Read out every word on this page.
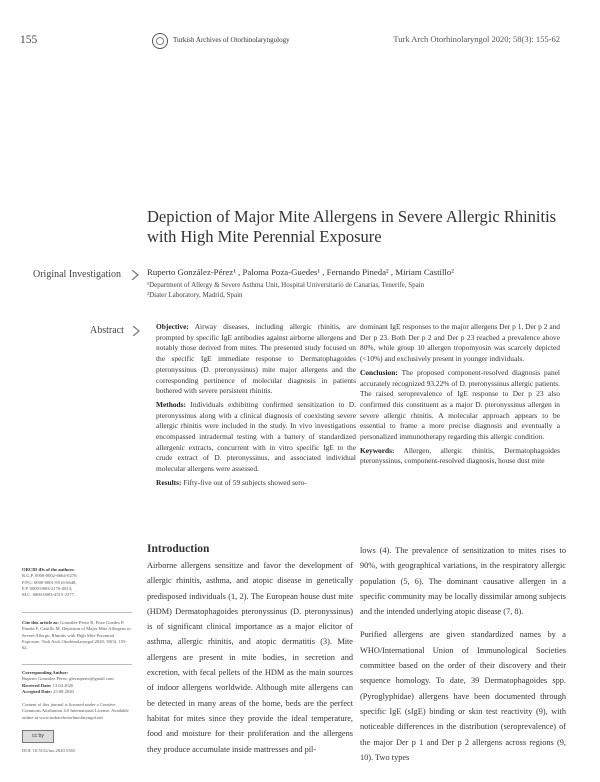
155	Turkish Archives of Otorhinolaryngology	Turk Arch Otorhinolaryngol 2020; 58(3): 155-62
Depiction of Major Mite Allergens in Severe Allergic Rhinitis with High Mite Perennial Exposure
Original Investigation	Ruperto González-Pérez¹ , Paloma Poza-Guedes¹ , Fernando Pineda² , Miriam Castillo²
¹Department of Allergy & Severe Asthma Unit, Hospital Universitario de Canarias, Tenerife, Spain
²Diater Laboratory, Madrid, Spain
Abstract	Objective: Airway diseases, including allergic rhinitis, are prompted by specific IgE antibodies against airborne allergens and notably those derived from mites. The presented study focused on the specific IgE immediate response to Dermatophagoides pteronyssinus (D. pteronyssinus) mite major allergens and the corresponding pertinence of molecular diagnosis in patients bothered with severe persistent rhinitis.

Methods: Individuals exhibiting confirmed sensitization to D. pteronyssinus along with a clinical diagnosis of coexisting severe allergic rhinitis were included in the study. In vivo investigations encompassed intradermal testing with a battery of standardized allergenic extracts, concurrent with in vitro specific IgE to the crude extract of D. pteronyssinus, and associated individual molecular allergens were assessed.

Results: Fifty-five out of 59 subjects showed sero-

dominant IgE responses to the major allergens Der p 1, Der p 2 and Der p 23. Both Der p 2 and Der p 23 reached a prevalence above 80%, while group 10 allergen tropomyosin was scarcely depicted (<10%) and exclusively present in younger individuals.

Conclusion: The proposed component-resolved diagnosis panel accurately recognized 93.22% of D. pteronyssinus allergic patients. The raised seroprevalence of IgE response to Der p 23 also confirmed this constituent as a major D. pteronyssinus allergen in severe allergic rhinitis. A molecular approach appears to be essential to frame a more precise diagnosis and eventually a personalized immunotherapy regarding this allergic condition.

Keywords: Allergen, allergic rhinitis, Dermatophagoides pteronyssinus, component-resolved diagnosis, house dust mite

ORCID iDs of the authors:
R.G.P. 0000-0002-6664-0276;
P.P.G. 0000-0001-8516-6648;
F.P. 0000-0003-2170-0013;
M.C. 0000-0003-4515-2377.
Cite this article as: González-Pérez R, Poza-Guedes P, Pineda F, Castillo M. Depiction of Major Mite Allergens in Severe Allergic Rhinitis with High Mite Perennial Exposure. Turk Arch Otorhinolaryngol 2020; 58(3): 155-62.
Corresponding Author:
Ruperto González Pérez; glezruperto@gmail.com
Received Date: 13.04.2020
Accepted Date: 25.08.2020
Content of this journal is licensed under a Creative Commons Attribution 4.0 International License. Available online at www.turkarchotorhinolaryngol.net
cc by
DOI: 10.5152/tao.2020.5365
Introduction

Airborne allergens sensitize and favor the development of allergic rhinitis, asthma, and atopic disease in genetically predisposed individuals (1, 2). The European house dust mite (HDM) Dermatophagoides pteronyssinus (D. pteronyssinus) is of significant clinical importance as a major elicitor of asthma, allergic rhinitis, and atopic dermatitis (3). Mite allergens are present in mite bodies, in secretion and excretion, with fecal pellets of the HDM as the main sources of indoor allergens worldwide. Although mite allergens can be detected in many areas of the home, beds are the perfect habitat for mites since they provide the ideal temperature, food and moisture for their proliferation and the allergens they produce accumulate inside mattresses and pil-

lows (4). The prevalence of sensitization to mites rises to 90%, with geographical variations, in the respiratory allergic population (5, 6). The dominant causative allergen in a specific community may be locally dissimilar among subjects and the intended underlying atopic disease (7, 8).

Purified allergens are given standardized names by a WHO/International Union of Immunological Societies committee based on the order of their discovery and their sequence homology. To date, 39 Dermatophagoides spp. (Pyroglyphidae) allergens have been documented through specific IgE (sIgE) binding or skin test reactivity (9), with noticeable differences in the distribution (seroprevalence) of the major Der p 1 and Der p 2 allergens across regions (9, 10). Two types
